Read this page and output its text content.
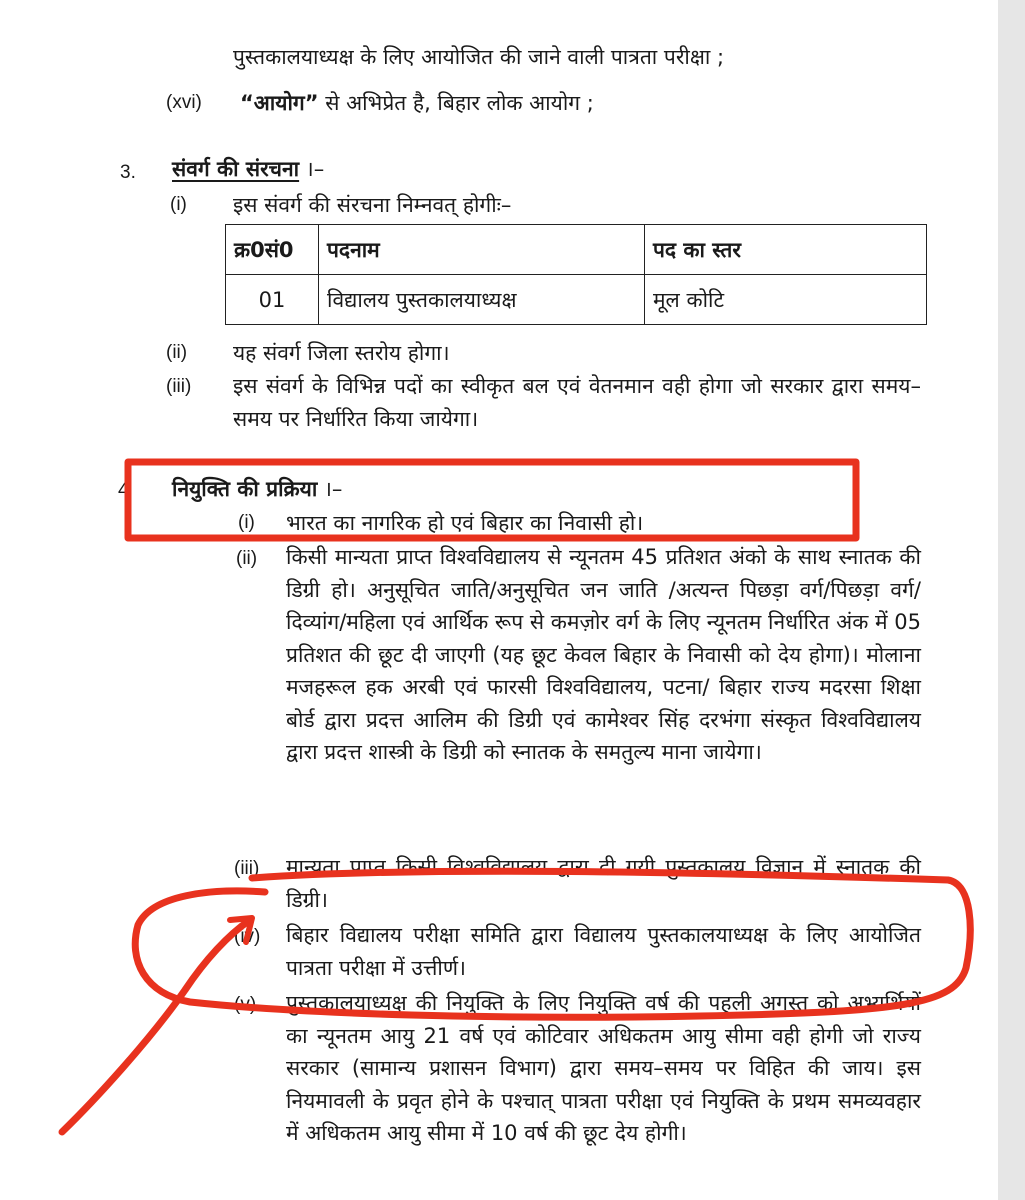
पुस्तकालयाध्यक्ष के लिए आयोजित की जाने वाली पात्रता परीक्षा ;
(xvi) “आयोग” से अभिप्रेत है, बिहार लोक आयोग ;
3. संवर्ग की संरचना ।–
(i) इस संवर्ग की संरचना निम्नवत् होगीः–
क्र0सं0	पदनाम	पद का स्तर
01	विद्यालय पुस्तकालयाध्यक्ष	मूल कोटि
(ii) यह संवर्ग जिला स्तरोय होगा।
(iii) इस संवर्ग के विभिन्न पदों का स्वीकृत बल एवं वेतनमान वही होगा जो सरकार द्वारा समय–समय पर निर्धारित किया जायेगा।
4 नियुक्ति की प्रक्रिया ।–
(i) भारत का नागरिक हो एवं बिहार का निवासी हो।
(ii) किसी मान्यता प्राप्त विश्वविद्यालय से न्यूनतम 45 प्रतिशत अंको के साथ स्नातक की डिग्री हो। अनुसूचित जाति/अनुसूचित जन जाति /अत्यन्त पिछड़ा वर्ग/पिछड़ा वर्ग/दिव्यांग/महिला एवं आर्थिक रूप से कमज़ोर वर्ग के लिए न्यूनतम निर्धारित अंक में 05 प्रतिशत की छूट दी जाएगी (यह छूट केवल बिहार के निवासी को देय होगा)। मोलाना मजहरूल हक अरबी एवं फारसी विश्वविद्यालय, पटना/ बिहार राज्य मदरसा शिक्षा बोर्ड द्वारा प्रदत्त आलिम की डिग्री एवं कामेश्वर सिंह दरभंगा संस्कृत विश्वविद्यालय द्वारा प्रदत्त शास्त्री के डिग्री को स्नातक के समतुल्य माना जायेगा।
(iii) मान्यता प्राप्त किसी विश्वविद्यालय द्वारा दी गयी पुस्तकालय विज्ञान में स्नातक की डिग्री।
(iv) बिहार विद्यालय परीक्षा समिति द्वारा विद्यालय पुस्तकालयाध्यक्ष के लिए आयोजित पात्रता परीक्षा में उत्तीर्ण।
(v) पुस्तकालयाध्यक्ष की नियुक्ति के लिए नियुक्ति वर्ष की पहली अगस्त को अभ्यर्थियों का न्यूनतम आयु 21 वर्ष एवं कोटिवार अधिकतम आयु सीमा वही होगी जो राज्य सरकार (सामान्य प्रशासन विभाग) द्वारा समय–समय पर विहित की जाय। इस नियमावली के प्रवृत होने के पश्चात् पात्रता परीक्षा एवं नियुक्ति के प्रथम समव्यवहार में अधिकतम आयु सीमा में 10 वर्ष की छूट देय होगी।
